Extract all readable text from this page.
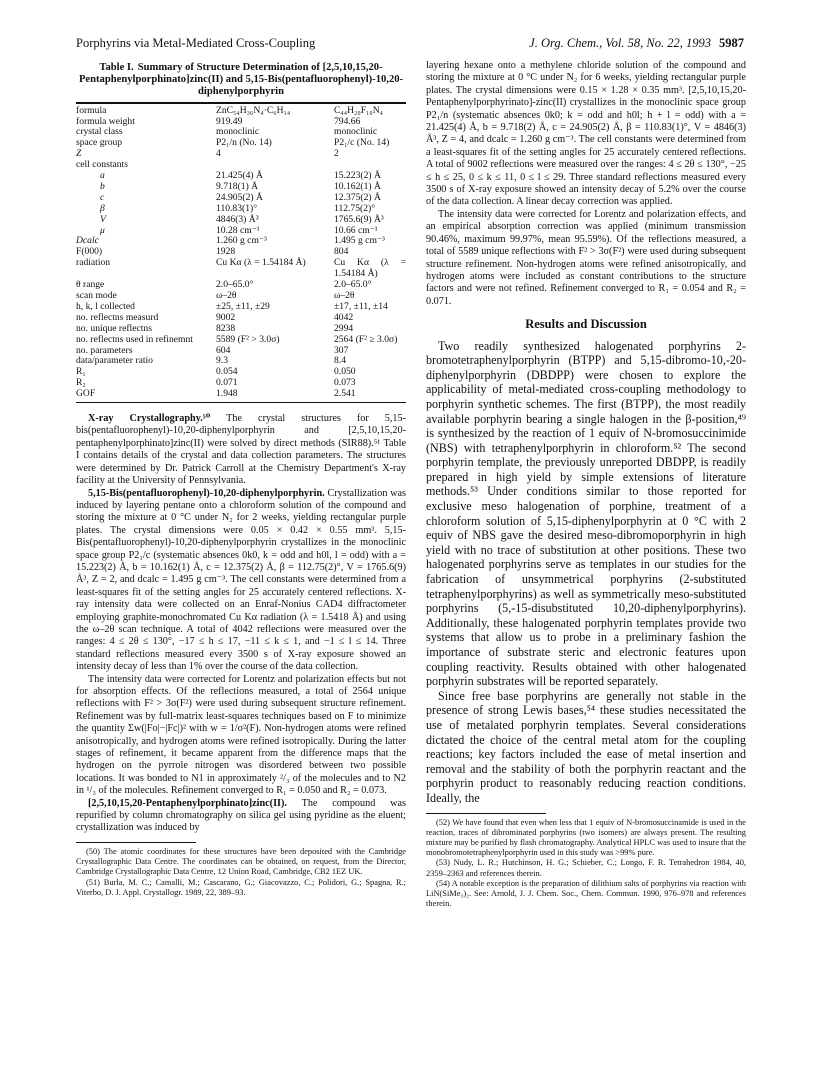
Porphyrins via Metal-Mediated Cross-Coupling	J. Org. Chem., Vol. 58, No. 22, 1993 5987
Table I. Summary of Structure Determination of [2,5,10,15,20-Pentaphenylporphinato]zinc(II) and 5,15-Bis(pentafluorophenyl)-10,20-diphenylporphyrin
formula	ZnC₅₄H₃₆N₄·C₆H₁₄	C₄₄H₂₀F₁₀N₄
formula weight	919.49	794.66
crystal class	monoclinic	monoclinic
space group	P2₁/n (No. 14)	P2₁/c (No. 14)
Z	4	2
cell constants		
a	21.425(4) Å	15.223(2) Å
b	9.718(1) Å	10.162(1) Å
c	24.905(2) Å	12.375(2) Å
β	110.83(1)°	112.75(2)°
V	4846(3) Å³	1765.6(9) Å³
μ	10.28 cm⁻¹	10.66 cm⁻¹
Dcalc	1.260 g cm⁻³	1.495 g cm⁻³
F(000)	1928	804
radiation	Cu Kα (λ = 1.54184 Å)	Cu Kα (λ = 1.54184 Å)
θ range	2.0–65.0°	2.0–65.0°
scan mode	ω–2θ	ω–2θ
h, k, l collected	±25, ±11, ±29	±17, ±11, ±14
no. reflectns measurd	9002	4042
no. unique reflectns	8238	2994
no. reflectns used in refinemnt	5589 (F² > 3.0σ)	2564 (F² ≥ 3.0σ)
no. parameters	604	307
data/parameter ratio	9.3	8.4
R₁	0.054	0.050
R₂	0.071	0.073
GOF	1.948	2.541

X-ray Crystallography.⁵⁰ The crystal structures for 5,15-bis(pentafluorophenyl)-10,20-diphenylporphyrin and [2,5,10,15,20-pentaphenylporphinato]zinc(II) were solved by direct methods (SIR88).⁵¹ Table I contains details of the crystal and data collection parameters. The structures were determined by Dr. Patrick Carroll at the Chemistry Department's X-ray facility at the University of Pennsylvania.

5,15-Bis(pentafluorophenyl)-10,20-diphenylporphyrin. Crystallization was induced by layering pentane onto a chloroform solution of the compound and storing the mixture at 0 °C under N₂ for 2 weeks, yielding rectangular purple plates. The crystal dimensions were 0.05 × 0.42 × 0.55 mm³. 5,15-Bis(pentafluorophenyl)-10,20-diphenylporphyrin crystallizes in the monoclinic space group P2₁/c (systematic absences 0k0, k = odd and h0l, l = odd) with a = 15.223(2) Å, b = 10.162(1) Å, c = 12.375(2) Å, β = 112.75(2)°, V = 1765.6(9) Å³, Z = 2, and dcalc = 1.495 g cm⁻³. The cell constants were determined from a least-squares fit of the setting angles for 25 accurately centered reflections. X-ray intensity data were collected on an Enraf-Nonius CAD4 diffractometer employing graphite-monochromated Cu Kα radiation (λ = 1.5418 Å) and using the ω–2θ scan technique. A total of 4042 reflections were measured over the ranges: 4 ≤ 2θ ≤ 130°, −17 ≤ h ≤ 17, −11 ≤ k ≤ 1, and −1 ≤ l ≤ 14. Three standard reflections measured every 3500 s of X-ray exposure showed an intensity decay of less than 1% over the course of the data collection.

The intensity data were corrected for Lorentz and polarization effects but not for absorption effects. Of the reflections measured, a total of 2564 unique reflections with F² > 3σ(F²) were used during subsequent structure refinement. Refinement was by full-matrix least-squares techniques based on F to minimize the quantity Σw(|Fo|−|Fc|)² with w = 1/σ²(F). Non-hydrogen atoms were refined anisotropically, and hydrogen atoms were refined isotropically. During the latter stages of refinement, it became apparent from the difference maps that the hydrogen on the pyrrole nitrogen was disordered between two possible locations. It was bonded to N1 in approximately ²/₃ of the molecules and to N2 in ¹/₃ of the molecules. Refinement converged to R₁ = 0.050 and R₂ = 0.073.

[2,5,10,15,20-Pentaphenylporphinato]zinc(II). The compound was repurified by column chromatography on silica gel using pyridine as the eluent; crystallization was induced by

(50) The atomic coordinates for these structures have been deposited with the Cambridge Crystallographic Data Centre. The coordinates can be obtained, on request, from the Director, Cambridge Crystallographic Data Centre, 12 Union Road, Cambridge, CB2 1EZ UK.

(51) Burla, M. C.; Camalli, M.; Cascarano, G.; Giacovazzo, C.; Polidori, G.; Spagna, R.; Viterbo, D. J. Appl. Crystallogr. 1989, 22, 389–93.

layering hexane onto a methylene chloride solution of the compound and storing the mixture at 0 °C under N₂ for 6 weeks, yielding rectangular purple plates. The crystal dimensions were 0.15 × 1.28 × 0.35 mm³. [2,5,10,15,20-Pentaphenylporphyrinato]-zinc(II) crystallizes in the monoclinic space group P2₁/n (systematic absences 0k0; k = odd and h0l; h + l = odd) with a = 21.425(4) Å, b = 9.718(2) Å, c = 24.905(2) Å, β = 110.83(1)°, V = 4846(3) Å³, Z = 4, and dcalc = 1.260 g cm⁻³. The cell constants were determined from a least-squares fit of the setting angles for 25 accurately centered reflections. A total of 9002 reflections were measured over the ranges: 4 ≤ 2θ ≤ 130°, −25 ≤ h ≤ 25, 0 ≤ k ≤ 11, 0 ≤ l ≤ 29. Three standard reflections measured every 3500 s of X-ray exposure showed an intensity decay of 5.2% over the course of the data collection. A linear decay correction was applied.

The intensity data were corrected for Lorentz and polarization effects, and an empirical absorption correction was applied (minimum transmission 90.46%, maximum 99.97%, mean 95.59%). Of the reflections measured, a total of 5589 unique reflections with F² > 3σ(F²) were used during subsequent structure refinement. Non-hydrogen atoms were refined anisotropically, and hydrogen atoms were included as constant contributions to the structure factors and were not refined. Refinement converged to R₁ = 0.054 and R₂ = 0.071.

Results and Discussion

Two readily synthesized halogenated porphyrins 2-bromotetraphenylporphyrin (BTPP) and 5,15-dibromo-10,-20-diphenylporphyrin (DBDPP) were chosen to explore the applicability of metal-mediated cross-coupling methodology to porphyrin synthetic schemes. The first (BTPP), the most readily available porphyrin bearing a single halogen in the β-position,⁴⁹ is synthesized by the reaction of 1 equiv of N-bromosuccinimide (NBS) with tetraphenylporphyrin in chloroform.⁵² The second porphyrin template, the previously unreported DBDPP, is readily prepared in high yield by simple extensions of literature methods.⁵³ Under conditions similar to those reported for exclusive meso halogenation of porphine, treatment of a chloroform solution of 5,15-diphenylporphyrin at 0 °C with 2 equiv of NBS gave the desired meso-dibromoporphyrin in high yield with no trace of substitution at other positions. These two halogenated porphyrins serve as templates in our studies for the fabrication of unsymmetrical porphyrins (2-substituted tetraphenylporphyrins) as well as symmetrically meso-substituted porphyrins (5,-15-disubstituted 10,20-diphenylporphyrins). Additionally, these halogenated porphyrin templates provide two systems that allow us to probe in a preliminary fashion the importance of substrate steric and electronic features upon coupling reactivity. Results obtained with other halogenated porphyrin substrates will be reported separately.

Since free base porphyrins are generally not stable in the presence of strong Lewis bases,⁵⁴ these studies necessitated the use of metalated porphyrin templates. Several considerations dictated the choice of the central metal atom for the coupling reactions; key factors included the ease of metal insertion and removal and the stability of both the porphyrin reactant and the porphyrin product to reasonably reducing reaction conditions. Ideally, the

(52) We have found that even when less that 1 equiv of N-bromosuccinamide is used in the reaction, traces of dibrominated porphyrins (two isomers) are always present. The resulting mixture may be purified by flash chromatography. Analytical HPLC was used to insure that the monobromotetraphenylporphyrin used in this study was >99% pure.

(53) Nudy, L. R.; Hutchinson, H. G.; Schieber, C.; Longo, F. R. Tetrahedron 1984, 40, 2359–2363 and references therein.

(54) A notable exception is the preparation of dilithium salts of porphyrins via reaction with LiN(SiMe₃)₂. See: Arnold, J. J. Chem. Soc., Chem. Commun. 1990, 976–978 and references therein.
